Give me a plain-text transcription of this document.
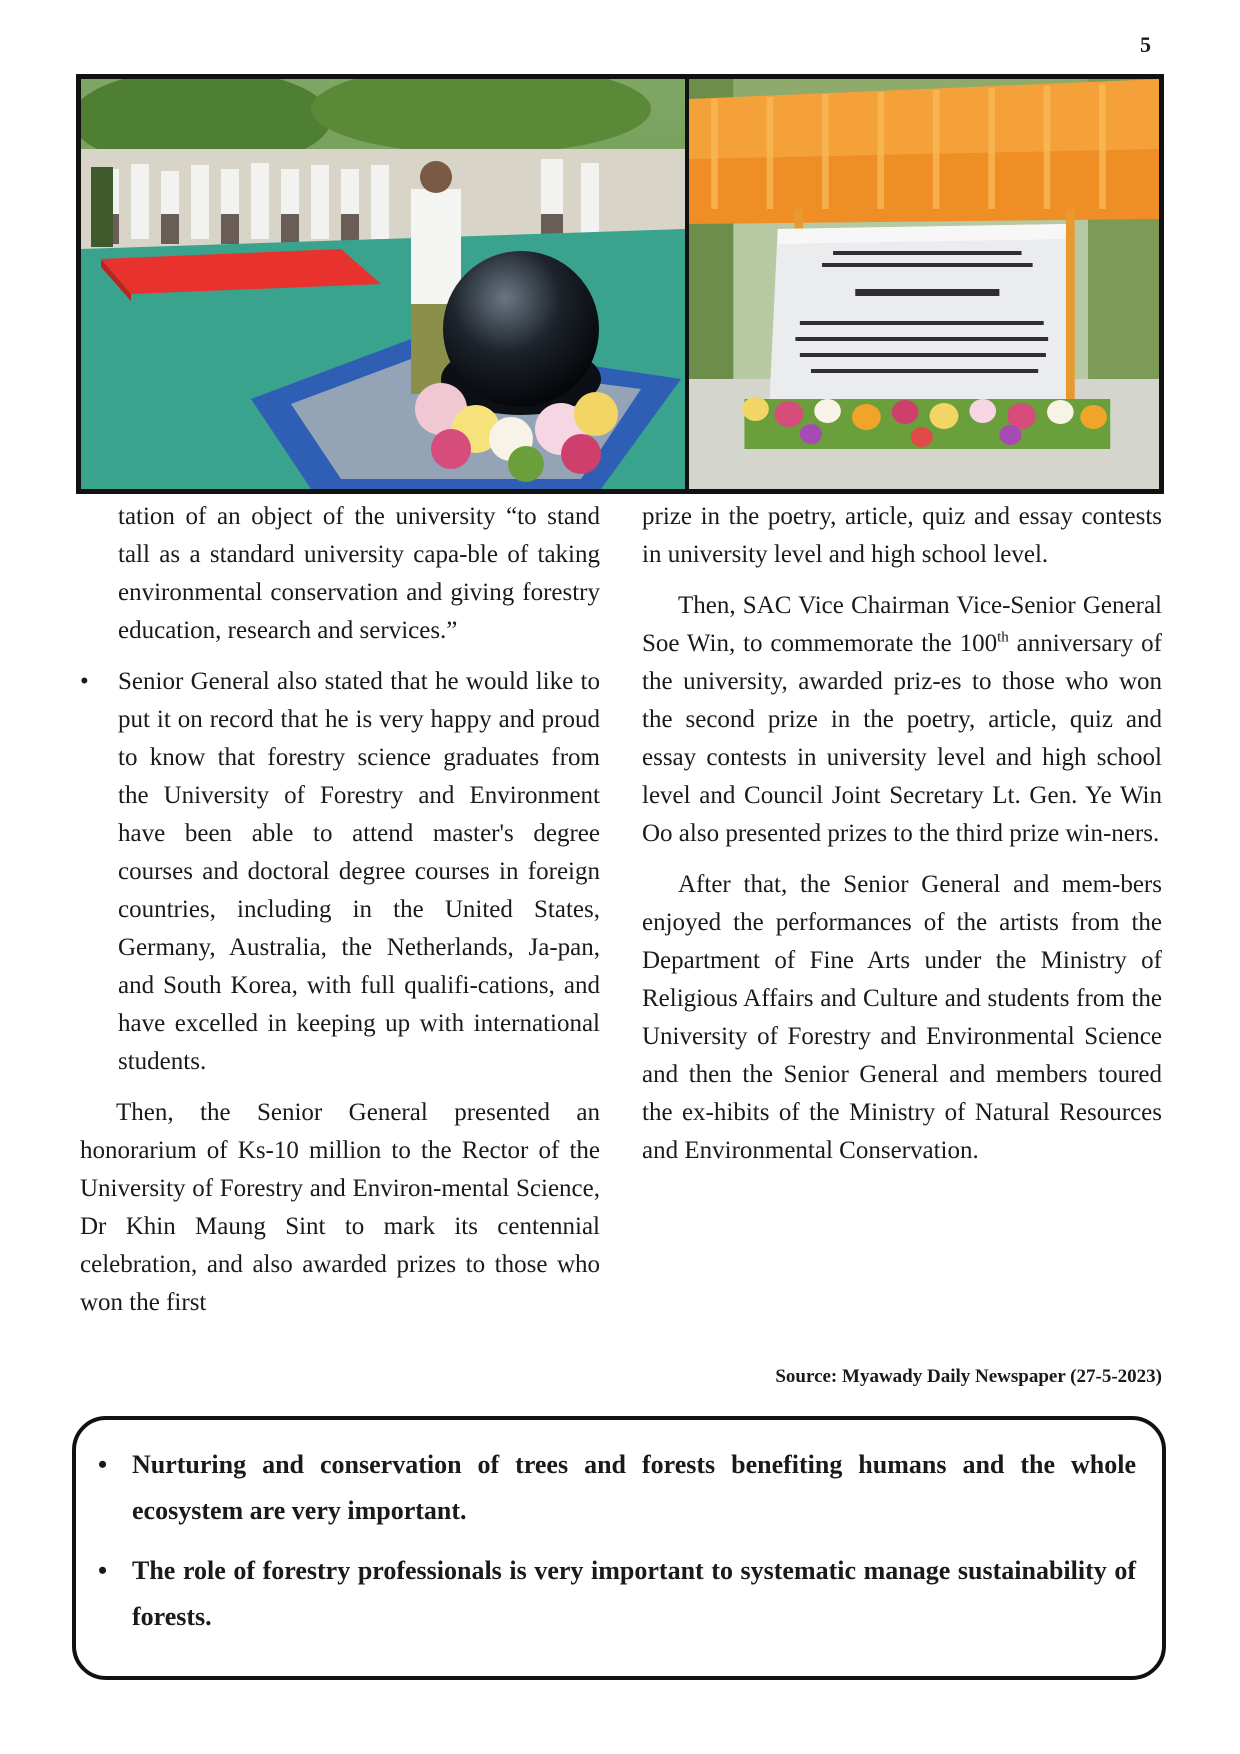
5

tation of an object of the university “to stand tall as a standard university capa-ble of taking environmental conservation and giving forestry education, research and services.”

• Senior General also stated that he would like to put it on record that he is very happy and proud to know that forestry science graduates from the University of Forestry and Environment have been able to attend master's degree courses and doctoral degree courses in foreign countries, including in the United States, Germany, Australia, the Netherlands, Ja-pan, and South Korea, with full qualifi-cations, and have excelled in keeping up with international students.

Then, the Senior General presented an honorarium of Ks-10 million to the Rector of the University of Forestry and Environ-mental Science, Dr Khin Maung Sint to mark its centennial celebration, and also awarded prizes to those who won the first

prize in the poetry, article, quiz and essay contests in university level and high school level.

Then, SAC Vice Chairman Vice-Senior General Soe Win, to commemorate the 100th anniversary of the university, awarded priz-es to those who won the second prize in the poetry, article, quiz and essay contests in university level and high school level and Council Joint Secretary Lt. Gen. Ye Win Oo also presented prizes to the third prize win-ners.

After that, the Senior General and mem-bers enjoyed the performances of the artists from the Department of Fine Arts under the Ministry of Religious Affairs and Culture and students from the University of Forestry and Environmental Science and then the Senior General and members toured the ex-hibits of the Ministry of Natural Resources and Environmental Conservation.

Source: Myawady Daily Newspaper (27-5-2023)
• Nurturing and conservation of trees and forests benefiting humans and the whole ecosystem are very important.
• The role of forestry professionals is very important to systematic manage sustainability of forests.
